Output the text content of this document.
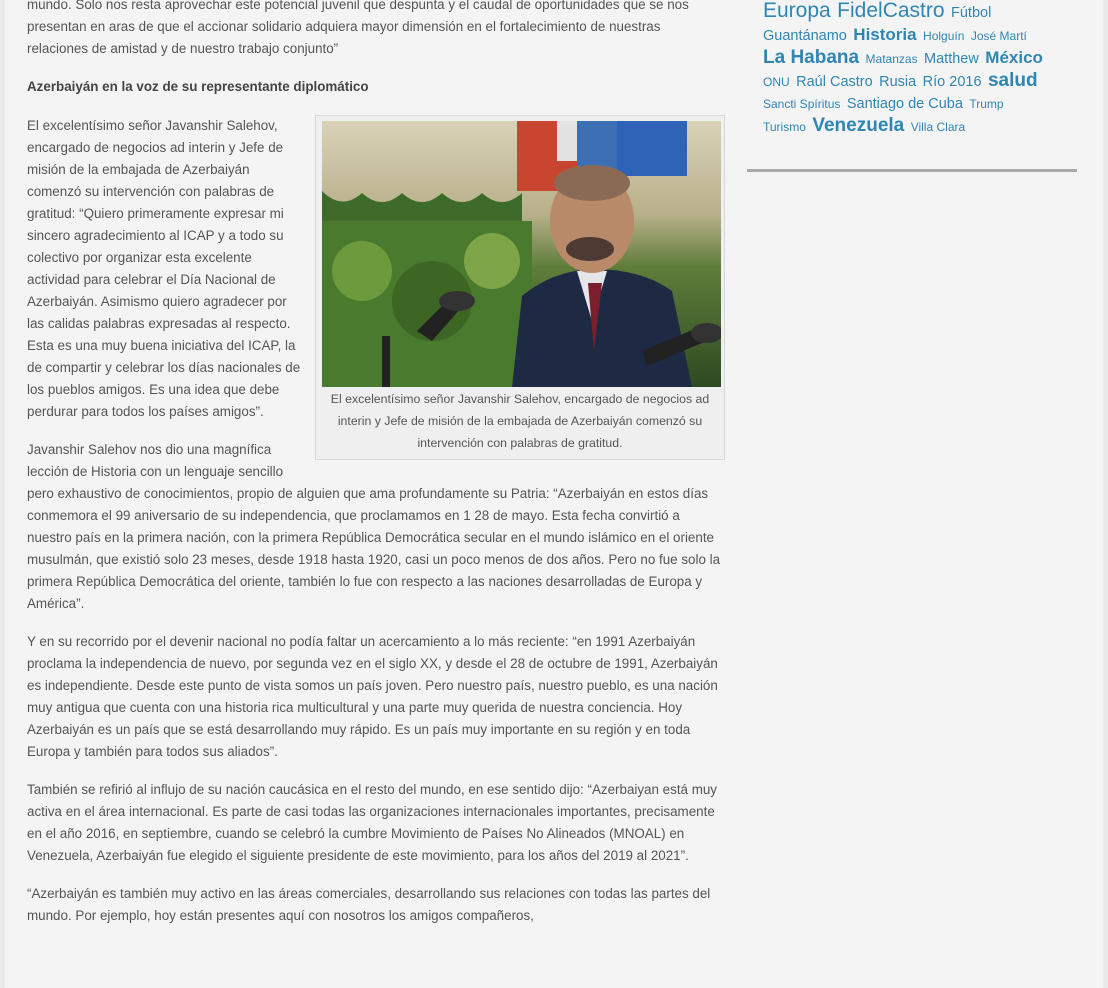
mundo. Solo nos resta aprovechar este potencial juvenil que despunta y el caudal de oportunidades que se nos presentan en aras de que el accionar solidario adquiera mayor dimensión en el fortalecimiento de nuestras relaciones de amistad y de nuestro trabajo conjunto”

Azerbaiyán en la voz de su representante diplomático

El excelentísimo señor Javanshir Salehov, encargado de negocios ad interin y Jefe de misión de la embajada de Azerbaiyán comenzó su intervención con palabras de gratitud.

El excelentísimo señor Javanshir Salehov, encargado de negocios ad interin y Jefe de misión de la embajada de Azerbaiyán comenzó su intervención con palabras de gratitud: “Quiero primeramente expresar mi sincero agradecimiento al ICAP y a todo su colectivo por organizar esta excelente actividad para celebrar el Día Nacional de Azerbaiyán. Asimismo quiero agradecer por las calidas palabras expresadas al respecto. Esta es una muy buena iniciativa del ICAP, la de compartir y celebrar los días nacionales de los pueblos amigos. Es una idea que debe perdurar para todos los países amigos”.

Javanshir Salehov nos dio una magnífica lección de Historia con un lenguaje sencillo pero exhaustivo de conocimientos, propio de alguien que ama profundamente su Patria: “Azerbaiyán en estos días conmemora el 99 aniversario de su independencia, que proclamamos en 1 28 de mayo. Esta fecha convirtió a nuestro país en la primera nación, con la primera República Democrática secular en el mundo islámico en el oriente musulmán, que existió solo 23 meses, desde 1918 hasta 1920, casi un poco menos de dos años. Pero no fue solo la primera República Democrática del oriente, también lo fue con respecto a las naciones desarrolladas de Europa y América”.

Y en su recorrido por el devenir nacional no podía faltar un acercamiento a lo más reciente: “en 1991 Azerbaiyán proclama la independencia de nuevo, por segunda vez en el siglo XX, y desde el 28 de octubre de 1991, Azerbaiyán es independiente. Desde este punto de vista somos un país joven. Pero nuestro país, nuestro pueblo, es una nación muy antigua que cuenta con una historia rica multicultural y una parte muy querida de nuestra conciencia. Hoy Azerbaiyán es un país que se está desarrollando muy rápido. Es un país muy importante en su región y en toda Europa y también para todos sus aliados”.

También se refirió al influjo de su nación caucásica en el resto del mundo, en ese sentido dijo: “Azerbaiyan está muy activa en el área internacional. Es parte de casi todas las organizaciones internacionales importantes, precisamente en el año 2016, en septiembre, cuando se celebró la cumbre Movimiento de Países No Alineados (MNOAL) en Venezuela, Azerbaiyán fue elegido el siguiente presidente de este movimiento, para los años del 2019 al 2021”.

“Azerbaiyán es también muy activo en las áreas comerciales, desarrollando sus relaciones con todas las partes del mundo. Por ejemplo, hoy están presentes aquí con nosotros los amigos compañeros,

Europa FidelCastro Fútbol Guantánamo Historia Holguín José Martí La Habana Matanzas Matthew México ONU Raúl Castro Rusia Río 2016 salud Sancti Spíritus Santiago de Cuba Trump Turismo Venezuela Villa Clara
